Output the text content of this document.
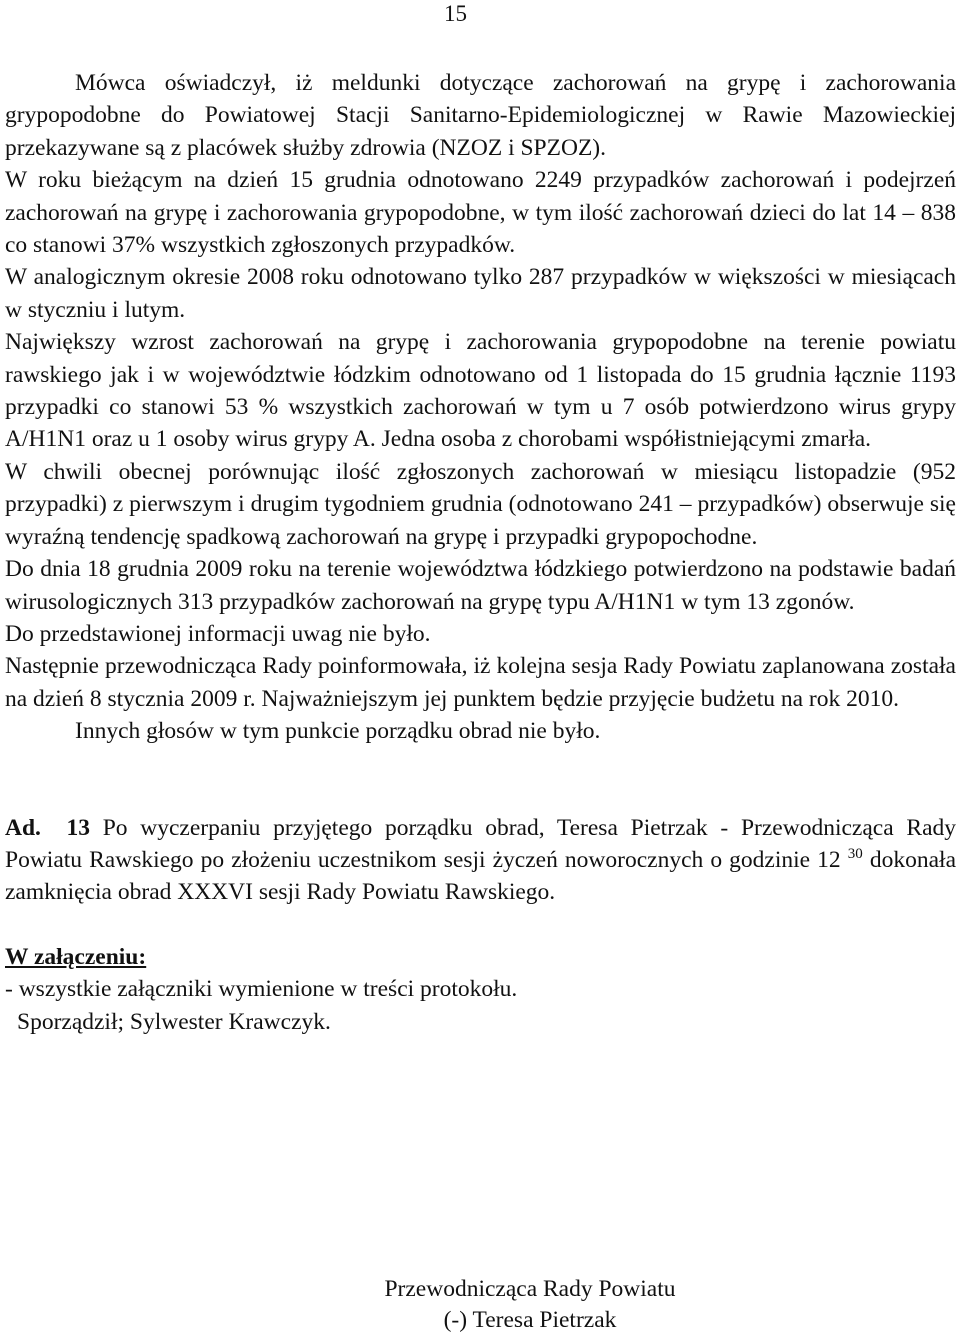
15

Mówca oświadczył, iż meldunki dotyczące zachorowań na grypę i zachorowania grypopodobne do Powiatowej Stacji Sanitarno-Epidemiologicznej w Rawie Mazowieckiej przekazywane są z placówek służby zdrowia (NZOZ i SPZOZ).

W roku bieżącym na dzień 15 grudnia odnotowano 2249 przypadków zachorowań i podejrzeń zachorowań na grypę i zachorowania grypopodobne, w tym ilość zachorowań dzieci do lat 14 – 838 co stanowi 37% wszystkich zgłoszonych przypadków.

W analogicznym okresie 2008 roku odnotowano tylko 287 przypadków w większości w miesiącach w styczniu i lutym.

Największy wzrost zachorowań na grypę i zachorowania grypopodobne na terenie powiatu rawskiego jak i w województwie łódzkim odnotowano od 1 listopada do 15 grudnia łącznie 1193 przypadki co stanowi 53 % wszystkich zachorowań w tym u 7 osób potwierdzono wirus grypy A/H1N1 oraz u 1 osoby wirus grypy A. Jedna osoba z chorobami współistniejącymi zmarła.

W chwili obecnej porównując ilość zgłoszonych zachorowań w miesiącu listopadzie (952 przypadki) z pierwszym i drugim tygodniem grudnia (odnotowano 241 – przypadków) obserwuje się wyraźną tendencję spadkową zachorowań na grypę i przypadki grypopochodne.

Do dnia 18 grudnia 2009 roku na terenie województwa łódzkiego potwierdzono na podstawie badań wirusologicznych 313 przypadków zachorowań na grypę typu A/H1N1 w tym 13 zgonów.

Do przedstawionej informacji uwag nie było.

Następnie przewodnicząca Rady poinformowała, iż kolejna sesja Rady Powiatu zaplanowana została na dzień 8 stycznia 2009 r. Najważniejszym jej punktem będzie przyjęcie budżetu na rok 2010.

Innych głosów w tym punkcie porządku obrad nie było.

Ad. 13 Po wyczerpaniu przyjętego porządku obrad, Teresa Pietrzak - Przewodnicząca Rady Powiatu Rawskiego po złożeniu uczestnikom sesji życzeń noworocznych o godzinie 12 $^{30}$ dokonała zamknięcia obrad XXXVI sesji Rady Powiatu Rawskiego.

W załączeniu:

- wszystkie załączniki wymienione w treści protokołu.

Sporządził; Sylwester Krawczyk.

Przewodnicząca Rady Powiatu
(-) Teresa Pietrzak
